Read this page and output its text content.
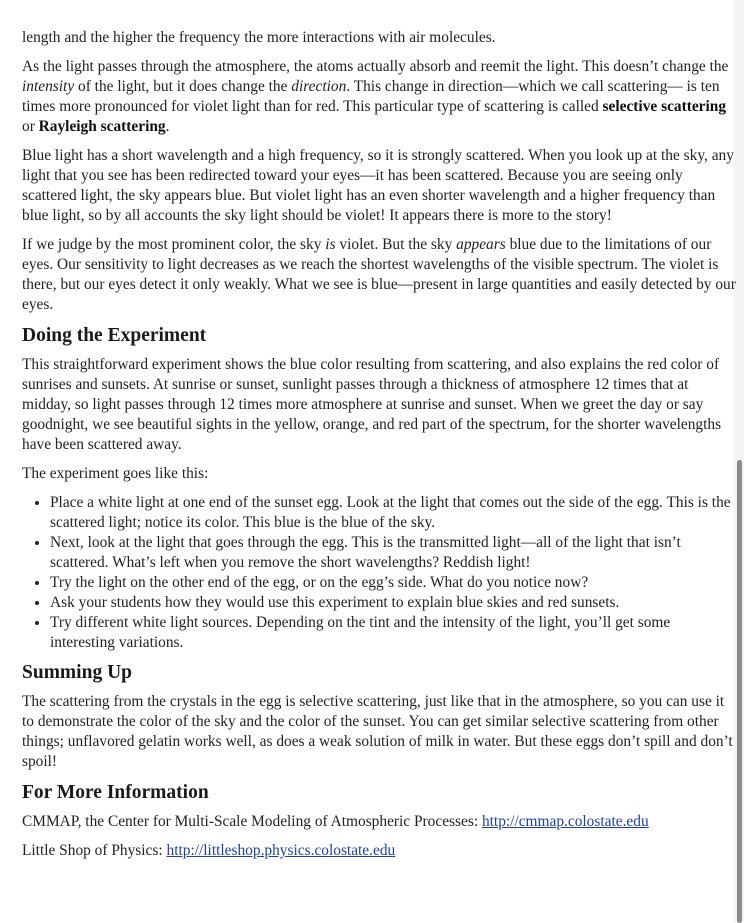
length and the higher the frequency the more interactions with air molecules.

As the light passes through the atmosphere, the atoms actually absorb and reemit the light. This doesn’t change the intensity of the light, but it does change the direction. This change in direction—which we call scattering— is ten times more pronounced for violet light than for red. This particular type of scattering is called selective scattering or Rayleigh scattering.

Blue light has a short wavelength and a high frequency, so it is strongly scattered. When you look up at the sky, any light that you see has been redirected toward your eyes—it has been scattered. Because you are seeing only scattered light, the sky appears blue. But violet light has an even shorter wavelength and a higher frequency than blue light, so by all accounts the sky light should be violet! It appears there is more to the story!

If we judge by the most prominent color, the sky is violet. But the sky appears blue due to the limitations of our eyes. Our sensitivity to light decreases as we reach the shortest wavelengths of the visible spectrum. The violet is there, but our eyes detect it only weakly. What we see is blue—present in large quantities and easily detected by our eyes.

Doing the Experiment

This straightforward experiment shows the blue color resulting from scattering, and also explains the red color of sunrises and sunsets. At sunrise or sunset, sunlight passes through a thickness of atmosphere 12 times that at midday, so light passes through 12 times more atmosphere at sunrise and sunset. When we greet the day or say goodnight, we see beautiful sights in the yellow, orange, and red part of the spectrum, for the shorter wavelengths have been scattered away.

The experiment goes like this:

• Place a white light at one end of the sunset egg. Look at the light that comes out the side of the egg. This is the scattered light; notice its color. This blue is the blue of the sky.
• Next, look at the light that goes through the egg. This is the transmitted light—all of the light that isn’t scattered. What’s left when you remove the short wavelengths? Reddish light!
• Try the light on the other end of the egg, or on the egg’s side. What do you notice now?
• Ask your students how they would use this experiment to explain blue skies and red sunsets.
• Try different white light sources. Depending on the tint and the intensity of the light, you’ll get some interesting variations.
Summing Up

The scattering from the crystals in the egg is selective scattering, just like that in the atmosphere, so you can use it to demonstrate the color of the sky and the color of the sunset. You can get similar selective scattering from other things; unflavored gelatin works well, as does a weak solution of milk in water. But these eggs don’t spill and don’t spoil!

For More Information

CMMAP, the Center for Multi-Scale Modeling of Atmospheric Processes: http://cmmap.colostate.edu

Little Shop of Physics: http://littleshop.physics.colostate.edu
